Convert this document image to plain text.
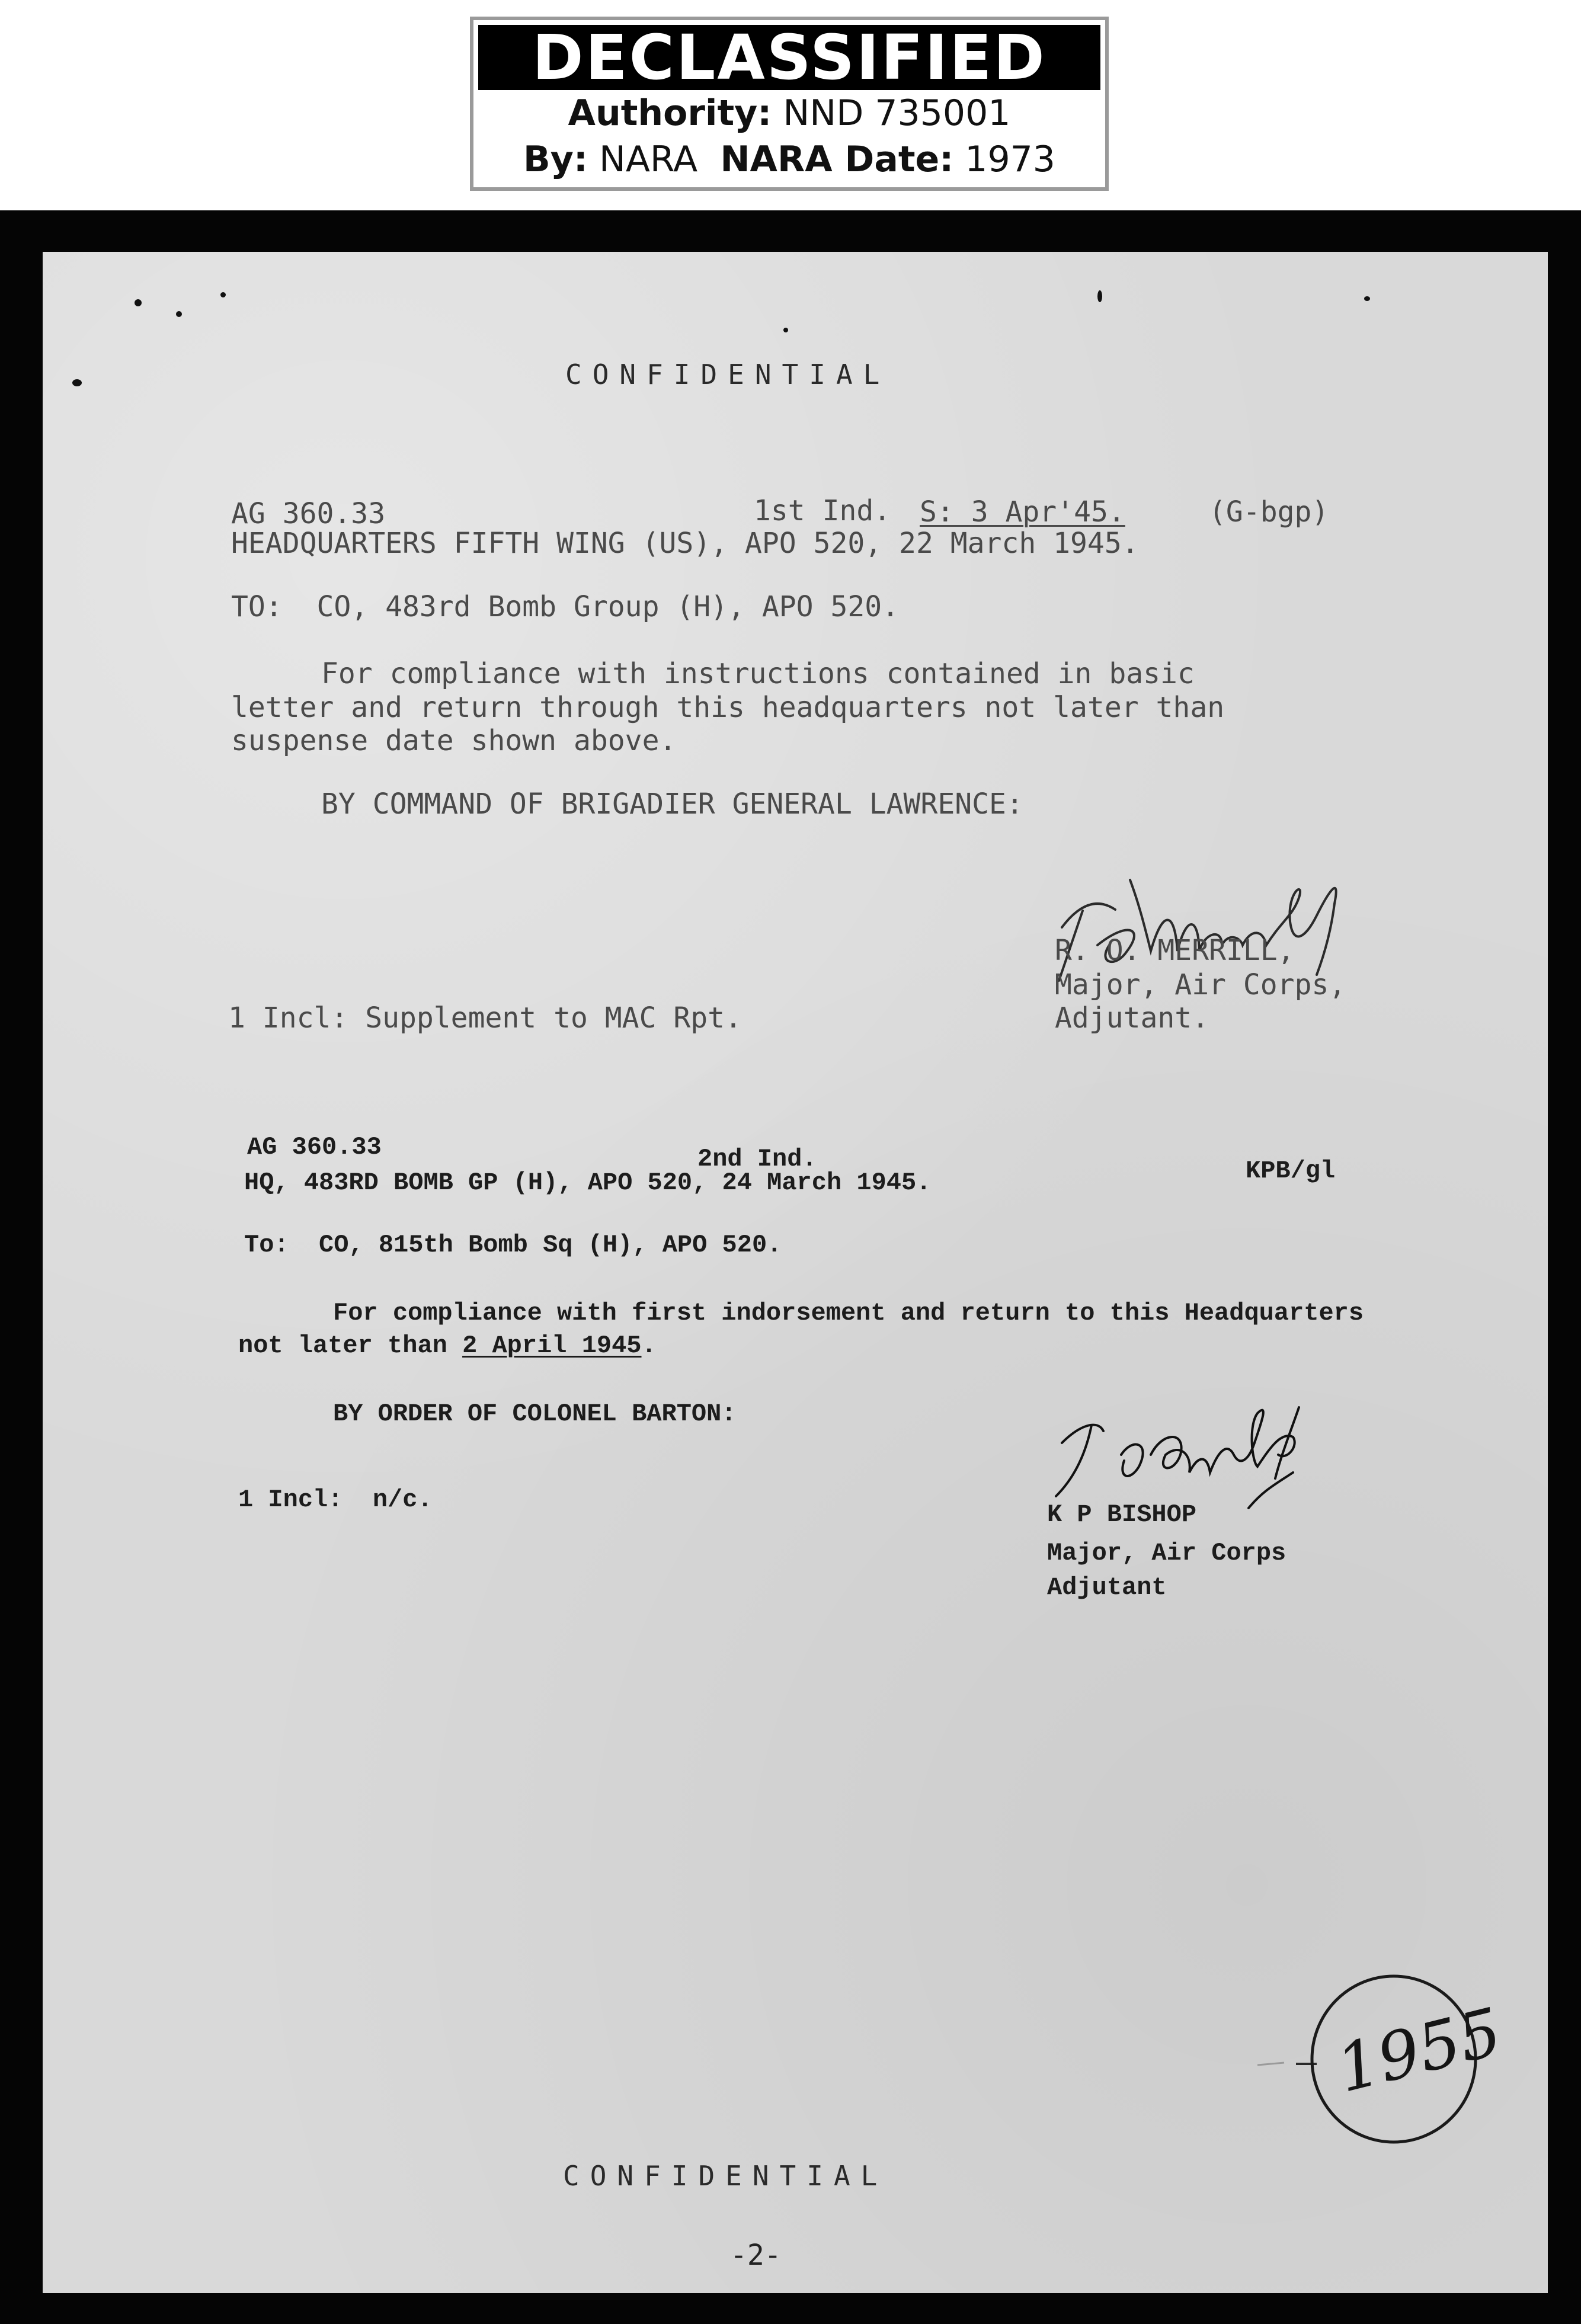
DECLASSIFIED
Authority: NND 735001
By: NARA NARA Date: 1973
CONFIDENTIAL
AG 360.33	1st Ind. S: 3 Apr'45.	(G-bgp)
HEADQUARTERS FIFTH WING (US), APO 520, 22 March 1945.
TO:  CO, 483rd Bomb Group (H), APO 520.
For compliance with instructions contained in basic
letter and return through this headquarters not later than
suspense date shown above.
BY COMMAND OF BRIGADIER GENERAL LAWRENCE:
R. O. MERRILL,
Major, Air Corps,
Adjutant.
1 Incl: Supplement to MAC Rpt.
AG 360.33	2nd Ind.	KPB/gl
HQ, 483RD BOMB GP (H), APO 520, 24 March 1945.
To:  CO, 815th Bomb Sq (H), APO 520.
For compliance with first indorsement and return to this Headquarters
not later than 2 April 1945.
BY ORDER OF COLONEL BARTON:
1 Incl:  n/c.
K P BISHOP
Major, Air Corps
Adjutant
1955
CONFIDENTIAL
-2-
